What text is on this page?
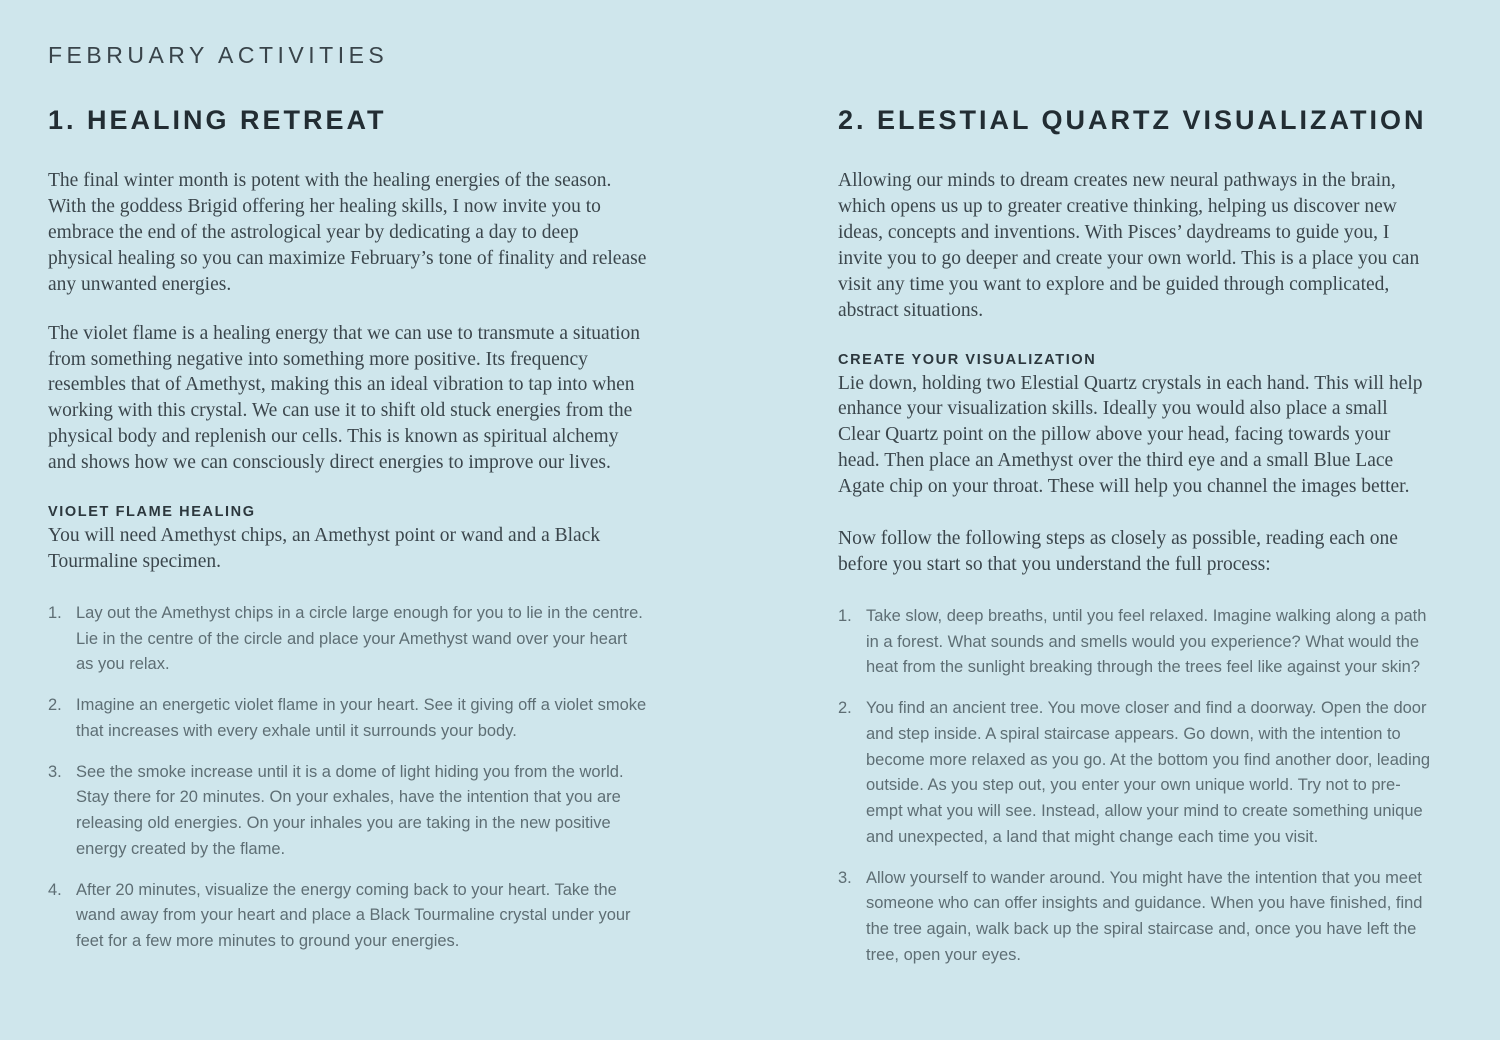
FEBRUARY ACTIVITIES
1. HEALING RETREAT

The final winter month is potent with the healing energies of the season. With the goddess Brigid offering her healing skills, I now invite you to embrace the end of the astrological year by dedicating a day to deep physical healing so you can maximize February’s tone of finality and release any unwanted energies.

The violet flame is a healing energy that we can use to transmute a situation from something negative into something more positive. Its frequency resembles that of Amethyst, making this an ideal vibration to tap into when working with this crystal. We can use it to shift old stuck energies from the physical body and replenish our cells. This is known as spiritual alchemy and shows how we can consciously direct energies to improve our lives.

VIOLET FLAME HEALING

You will need Amethyst chips, an Amethyst point or wand and a Black Tourmaline specimen.

1. Lay out the Amethyst chips in a circle large enough for you to lie in the centre. Lie in the centre of the circle and place your Amethyst wand over your heart as you relax.
2. Imagine an energetic violet flame in your heart. See it giving off a violet smoke that increases with every exhale until it surrounds your body.
3. See the smoke increase until it is a dome of light hiding you from the world. Stay there for 20 minutes. On your exhales, have the intention that you are releasing old energies. On your inhales you are taking in the new positive energy created by the flame.
4. After 20 minutes, visualize the energy coming back to your heart. Take the wand away from your heart and place a Black Tourmaline crystal under your feet for a few more minutes to ground your energies.
2. ELESTIAL QUARTZ VISUALIZATION

Allowing our minds to dream creates new neural pathways in the brain, which opens us up to greater creative thinking, helping us discover new ideas, concepts and inventions. With Pisces’ daydreams to guide you, I invite you to go deeper and create your own world. This is a place you can visit any time you want to explore and be guided through complicated, abstract situations.

CREATE YOUR VISUALIZATION

Lie down, holding two Elestial Quartz crystals in each hand. This will help enhance your visualization skills. Ideally you would also place a small Clear Quartz point on the pillow above your head, facing towards your head. Then place an Amethyst over the third eye and a small Blue Lace Agate chip on your throat. These will help you channel the images better.

Now follow the following steps as closely as possible, reading each one before you start so that you understand the full process:

1. Take slow, deep breaths, until you feel relaxed. Imagine walking along a path in a forest. What sounds and smells would you experience? What would the heat from the sunlight breaking through the trees feel like against your skin?
2. You find an ancient tree. You move closer and find a doorway. Open the door and step inside. A spiral staircase appears. Go down, with the intention to become more relaxed as you go. At the bottom you find another door, leading outside. As you step out, you enter your own unique world. Try not to pre-empt what you will see. Instead, allow your mind to create something unique and unexpected, a land that might change each time you visit.
3. Allow yourself to wander around. You might have the intention that you meet someone who can offer insights and guidance. When you have finished, find the tree again, walk back up the spiral staircase and, once you have left the tree, open your eyes.
